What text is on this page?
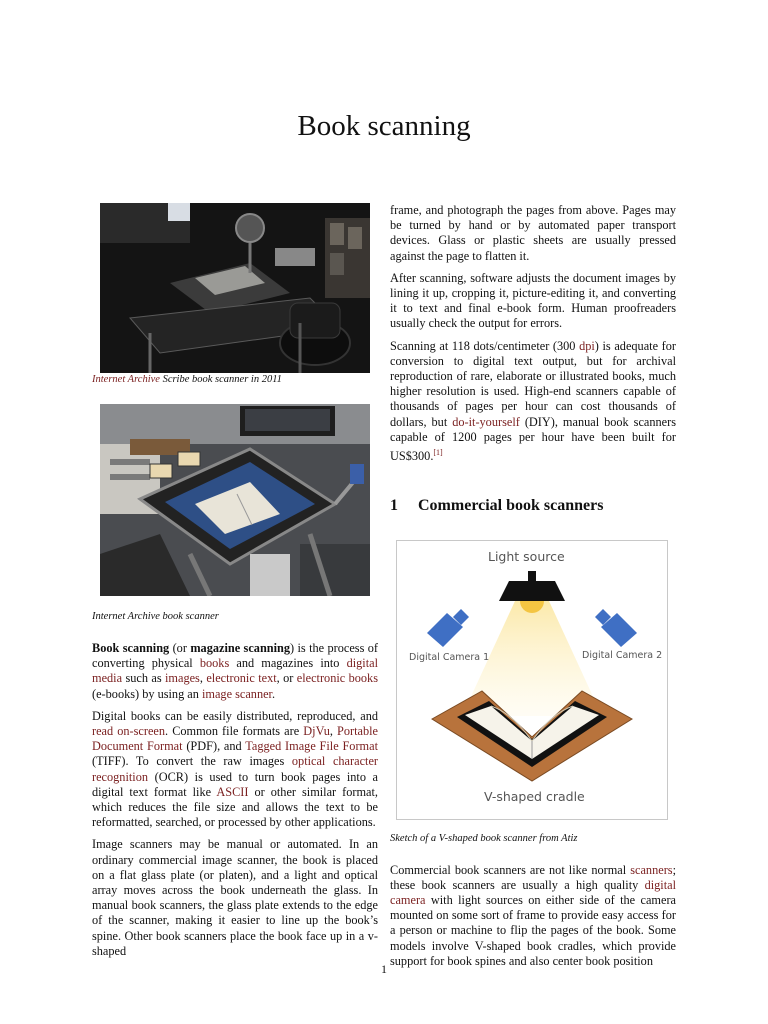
Book scanning

Internet Archive Scribe book scanner in 2011

Internet Archive book scanner

Book scanning (or magazine scanning) is the process of converting physical books and magazines into digital media such as images, electronic text, or electronic books (e-books) by using an image scanner.

Digital books can be easily distributed, reproduced, and read on-screen. Common file formats are DjVu, Portable Document Format (PDF), and Tagged Image File Format (TIFF). To convert the raw images optical character recognition (OCR) is used to turn book pages into a digital text format like ASCII or other similar format, which reduces the file size and allows the text to be reformatted, searched, or processed by other applications.

Image scanners may be manual or automated. In an ordinary commercial image scanner, the book is placed on a flat glass plate (or platen), and a light and optical array moves across the book underneath the glass. In manual book scanners, the glass plate extends to the edge of the scanner, making it easier to line up the book’s spine. Other book scanners place the book face up in a v-shaped

frame, and photograph the pages from above. Pages may be turned by hand or by automated paper transport devices. Glass or plastic sheets are usually pressed against the page to flatten it.

After scanning, software adjusts the document images by lining it up, cropping it, picture-editing it, and converting it to text and final e-book form. Human proofreaders usually check the output for errors.

Scanning at 118 dots/centimeter (300 dpi) is adequate for conversion to digital text output, but for archival reproduction of rare, elaborate or illustrated books, much higher resolution is used. High-end scanners capable of thousands of pages per hour can cost thousands of dollars, but do-it-yourself (DIY), manual book scanners capable of 1200 pages per hour have been built for US$300.[1]

1 Commercial book scanners
Light source
Digital Camera 1	Digital Camera 2
V-shaped cradle

Sketch of a V-shaped book scanner from Atiz

Commercial book scanners are not like normal scanners; these book scanners are usually a high quality digital camera with light sources on either side of the camera mounted on some sort of frame to provide easy access for a person or machine to flip the pages of the book. Some models involve V-shaped book cradles, which provide support for book spines and also center book position

1
